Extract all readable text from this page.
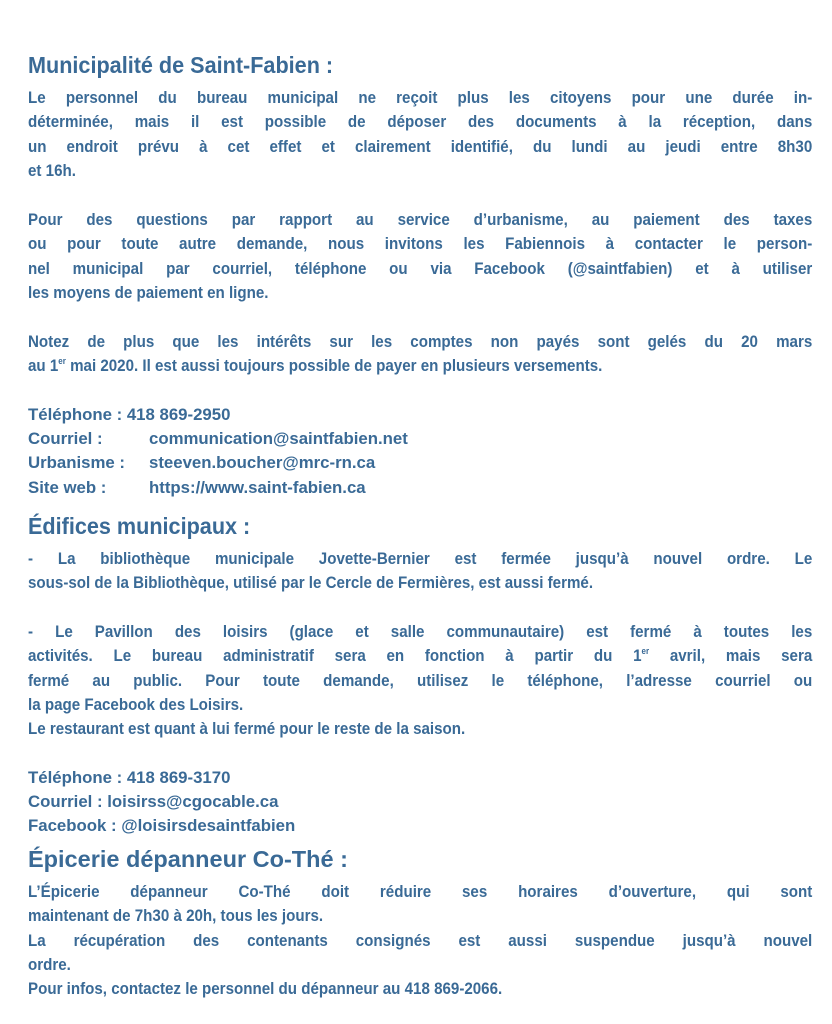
Municipalité de Saint-Fabien :
Le personnel du bureau municipal ne reçoit plus les citoyens pour une durée in-
déterminée, mais il est possible de déposer des documents à la réception, dans
un endroit prévu à cet effet et clairement identifié, du lundi au jeudi entre 8h30
et 16h.
Pour des questions par rapport au service d’urbanisme, au paiement des taxes
ou pour toute autre demande, nous invitons les Fabiennois à contacter le person-
nel municipal par courriel, téléphone ou via Facebook (@saintfabien) et à utiliser
les moyens de paiement en ligne.
Notez de plus que les intérêts sur les comptes non payés sont gelés du 20 mars
au 1er mai 2020. Il est aussi toujours possible de payer en plusieurs versements.
Téléphone : 418 869-2950
Courriel :	communication@saintfabien.net
Urbanisme : steeven.boucher@mrc-rn.ca
Site web :	https://www.saint-fabien.ca
Édifices municipaux :
- La bibliothèque municipale Jovette-Bernier est fermée jusqu’à nouvel ordre. Le
sous-sol de la Bibliothèque, utilisé par le Cercle de Fermières, est aussi fermé.
- Le Pavillon des loisirs (glace et salle communautaire) est fermé à toutes les
activités. Le bureau administratif sera en fonction à partir du 1er avril, mais sera
fermé au public. Pour toute demande, utilisez le téléphone, l’adresse courriel ou
la page Facebook des Loisirs.
Le restaurant est quant à lui fermé pour le reste de la saison.
Téléphone : 418 869-3170
Courriel : loisirss@cgocable.ca
Facebook : @loisirsdesaintfabien
Épicerie dépanneur Co-Thé :
L’Épicerie dépanneur Co-Thé doit réduire ses horaires d’ouverture, qui sont
maintenant de 7h30 à 20h, tous les jours.
La récupération des contenants consignés est aussi suspendue jusqu’à nouvel
ordre.
Pour infos, contactez le personnel du dépanneur au 418 869-2066.
